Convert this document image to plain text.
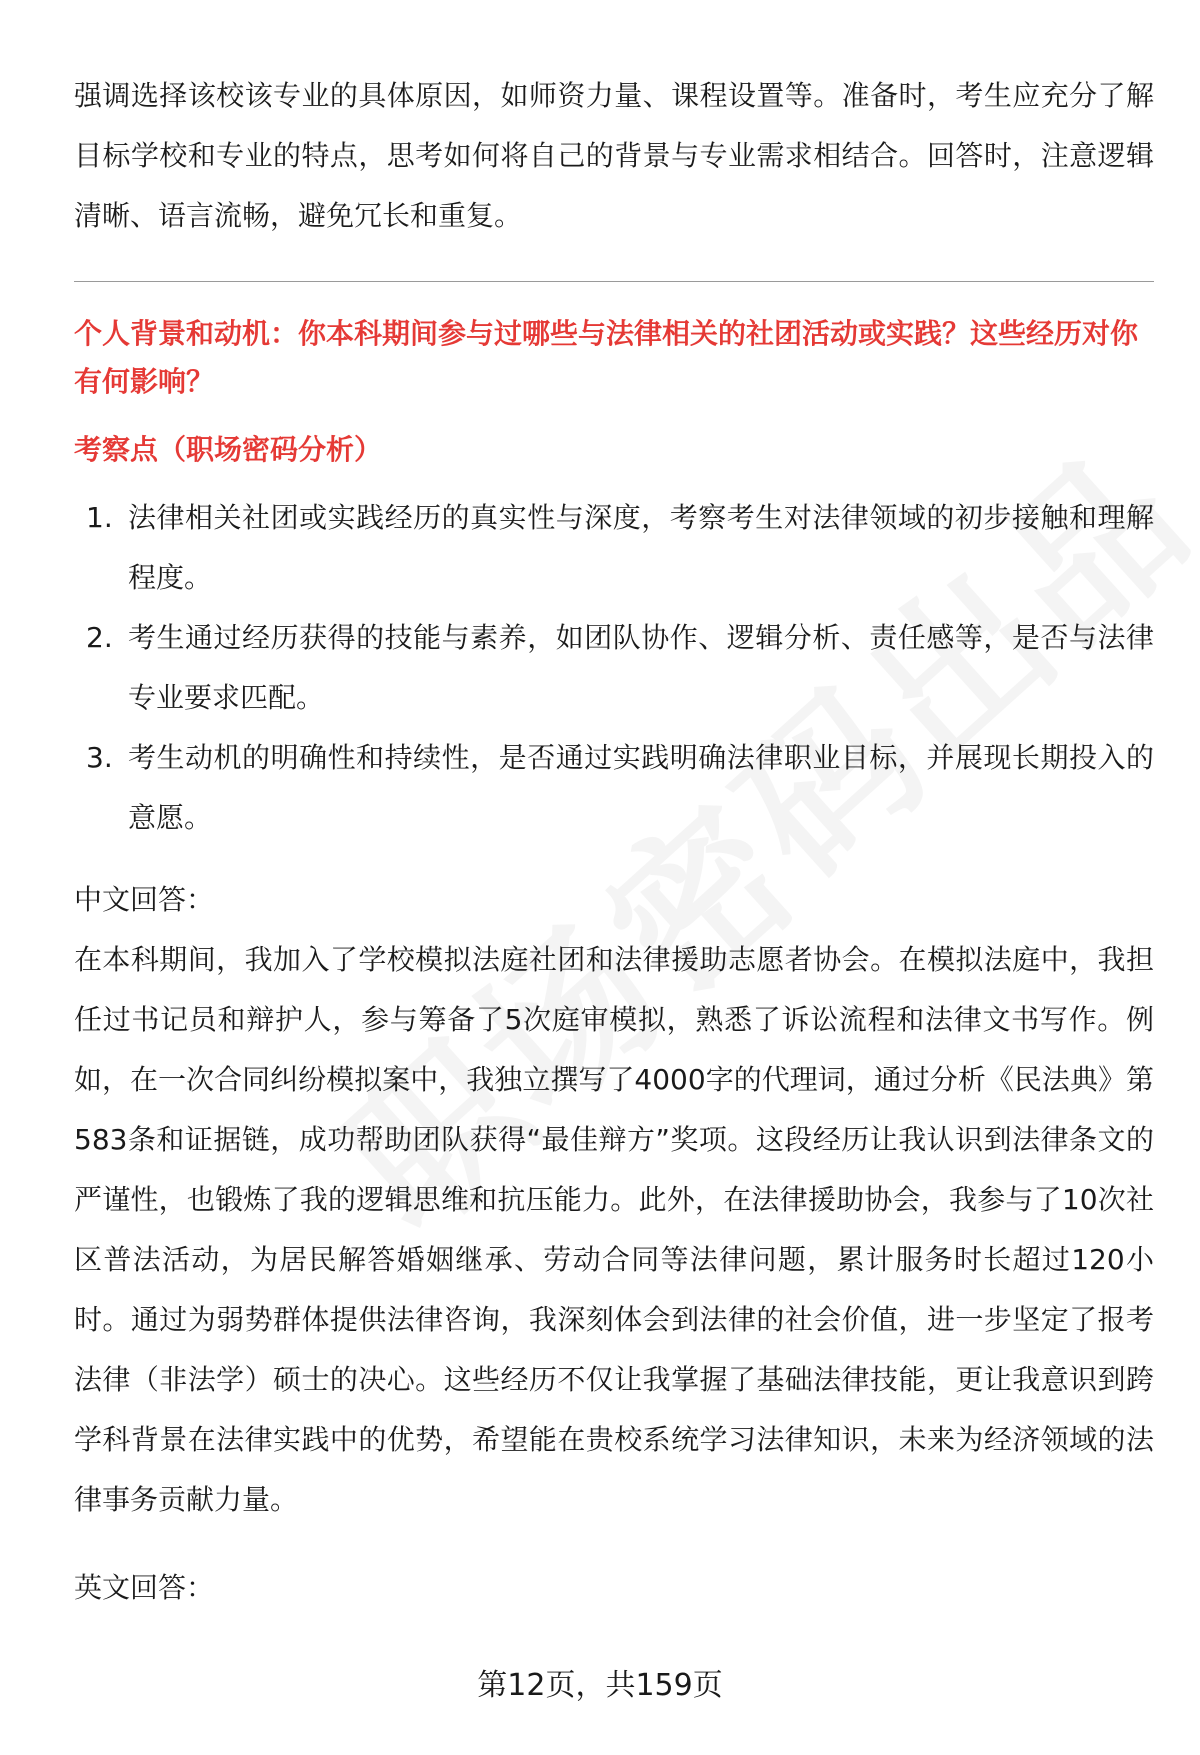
强调选择该校该专业的具体原因，如师资力量、课程设置等。准备时，考生应充分了解目标学校和专业的特点，思考如何将自己的背景与专业需求相结合。回答时，注意逻辑清晰、语言流畅，避免冗长和重复。

个人背景和动机：你本科期间参与过哪些与法律相关的社团活动或实践？这些经历对你有何影响？

考察点（职场密码分析）

1. 法律相关社团或实践经历的真实性与深度，考察考生对法律领域的初步接触和理解程度。
2. 考生通过经历获得的技能与素养，如团队协作、逻辑分析、责任感等，是否与法律专业要求匹配。
3. 考生动机的明确性和持续性，是否通过实践明确法律职业目标，并展现长期投入的意愿。

中文回答：

在本科期间，我加入了学校模拟法庭社团和法律援助志愿者协会。在模拟法庭中，我担任过书记员和辩护人，参与筹备了5次庭审模拟，熟悉了诉讼流程和法律文书写作。例如，在一次合同纠纷模拟案中，我独立撰写了4000字的代理词，通过分析《民法典》第583条和证据链，成功帮助团队获得“最佳辩方”奖项。这段经历让我认识到法律条文的严谨性，也锻炼了我的逻辑思维和抗压能力。此外，在法律援助协会，我参与了10次社区普法活动，为居民解答婚姻继承、劳动合同等法律问题，累计服务时长超过120小时。通过为弱势群体提供法律咨询，我深刻体会到法律的社会价值，进一步坚定了报考法律（非法学）硕士的决心。这些经历不仅让我掌握了基础法律技能，更让我意识到跨学科背景在法律实践中的优势，希望能在贵校系统学习法律知识，未来为经济领域的法律事务贡献力量。

英文回答：

第12页，共159页
